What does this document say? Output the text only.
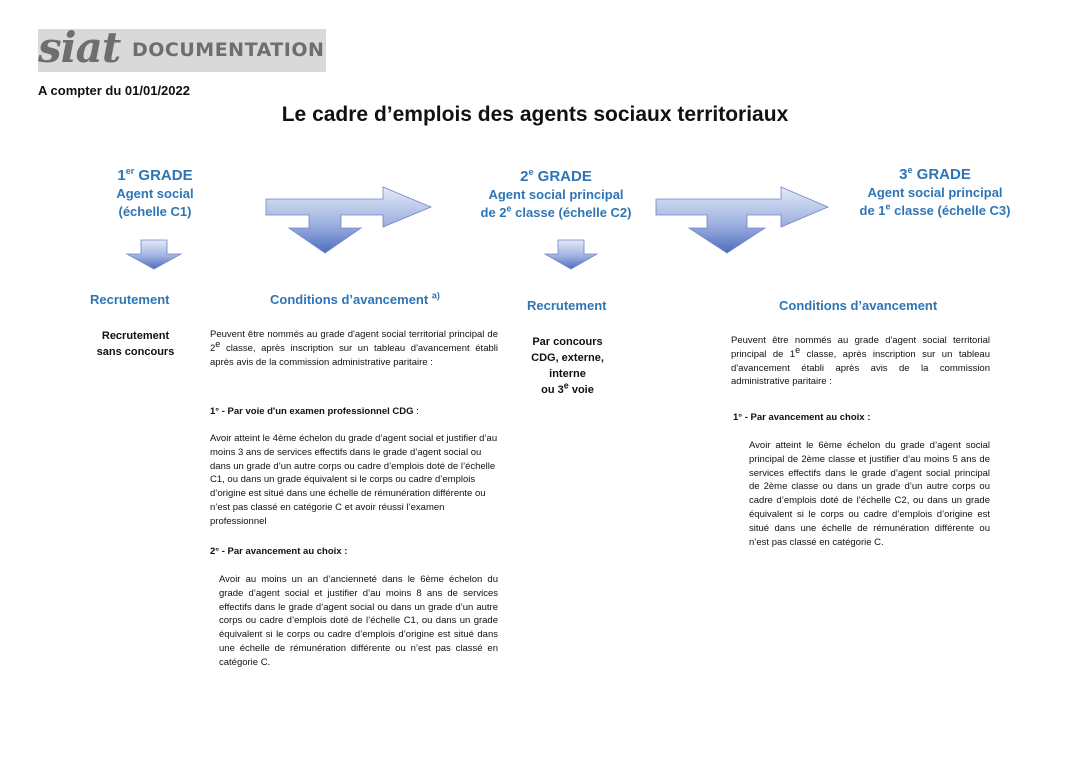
siat DOCUMENTATION
A compter du 01/01/2022
Le cadre d’emplois des agents sociaux territoriaux
1er GRADE
Agent social
(échelle C1)
2e GRADE
Agent social principal
de 2e classe (échelle C2)
3e GRADE
Agent social principal
de 1e classe (échelle C3)
Recrutement
Recrutement
sans concours
Conditions d’avancement $^{a)}$
Peuvent être nommés au grade d'agent social territorial principal de 2e classe, après inscription sur un tableau d'avancement établi après avis de la commission administrative paritaire :
1° - Par voie d'un examen professionnel CDG :
Avoir atteint le 4ème échelon du grade d’agent social et justifier d’au moins 3 ans de services effectifs dans le grade d’agent social ou dans un grade d’un autre corps ou cadre d’emplois doté de l’échelle C1, ou dans un grade équivalent si le corps ou cadre d’emplois d’origine est situé dans une échelle de rémunération différente ou n’est pas classé en catégorie C et avoir réussi l’examen professionnel
2° - Par avancement au choix :
Avoir au moins un an d’ancienneté dans le 6ème échelon du grade d’agent social et justifier d’au moins 8 ans de services effectifs dans le grade d’agent social ou dans un grade d’un autre corps ou cadre d’emplois doté de l’échelle C1, ou dans un grade équivalent si le corps ou cadre d’emplois d’origine est situé dans une échelle de rémunération différente ou n’est pas classé en catégorie C.
Recrutement
Par concours
CDG, externe,
interne
ou 3e voie
Conditions d’avancement
Peuvent être nommés au grade d'agent social territorial principal de 1e classe, après inscription sur un tableau d'avancement établi après avis de la commission administrative paritaire :
1° - Par avancement au choix :
Avoir atteint le 6ème échelon du grade d’agent social principal de 2ème classe et justifier d’au moins 5 ans de services effectifs dans le grade d’agent social principal de 2ème classe ou dans un grade d’un autre corps ou cadre d’emplois doté de l’échelle C2, ou dans un grade équivalent si le corps ou cadre d’emplois d’origine est situé dans une échelle de rémunération différente ou n’est pas classé en catégorie C.
